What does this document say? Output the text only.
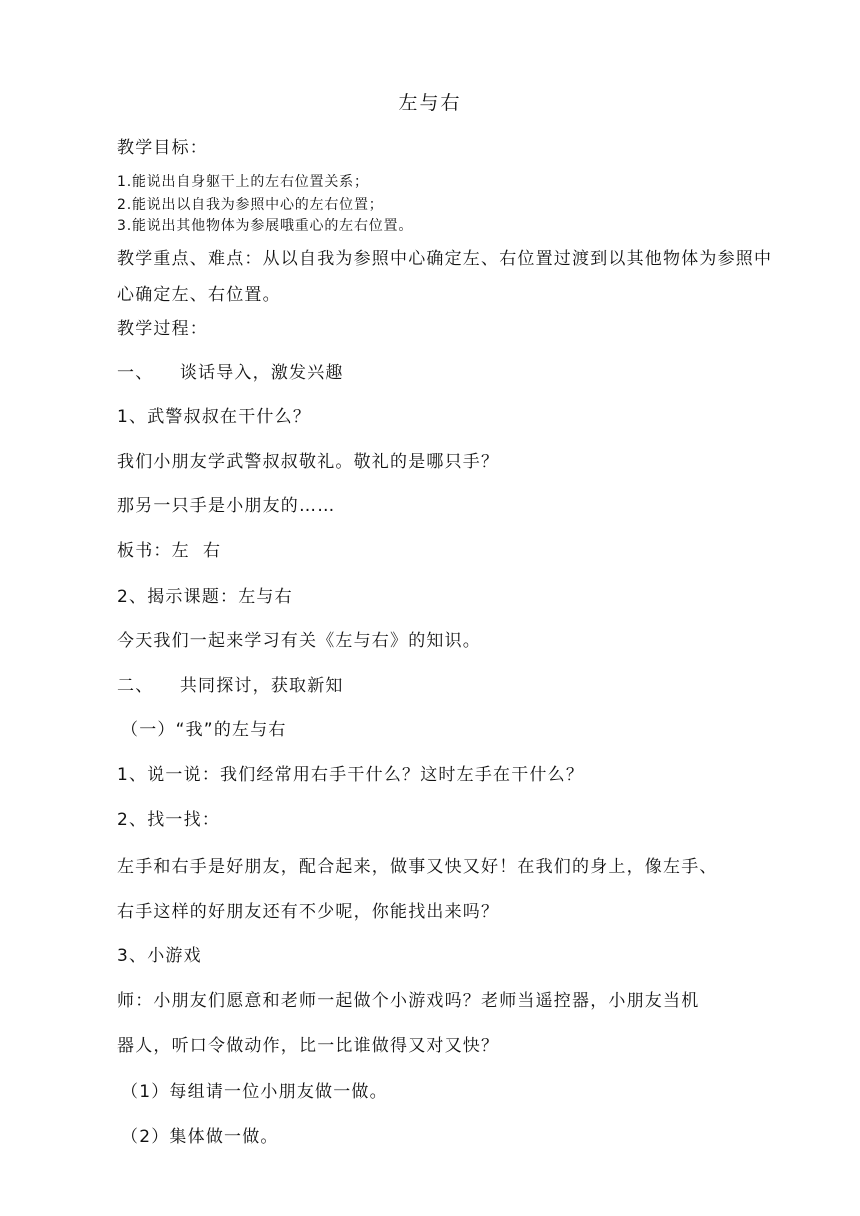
左与右
教学目标：
1.能说出自身躯干上的左右位置关系；
2.能说出以自我为参照中心的左右位置；
3.能说出其他物体为参展哦重心的左右位置。
教学重点、难点：从以自我为参照中心确定左、右位置过渡到以其他物体为参照中
心确定左、右位置。
教学过程：
一、    谈话导入，激发兴趣
1、武警叔叔在干什么？
我们小朋友学武警叔叔敬礼。敬礼的是哪只手？
那另一只手是小朋友的……
板书：左  右
2、揭示课题：左与右
今天我们一起来学习有关《左与右》的知识。
二、    共同探讨，获取新知
（一）“我”的左与右
1、说一说：我们经常用右手干什么？这时左手在干什么？
2、找一找：
左手和右手是好朋友，配合起来，做事又快又好！在我们的身上，像左手、
右手这样的好朋友还有不少呢，你能找出来吗？
3、小游戏
师：小朋友们愿意和老师一起做个小游戏吗？老师当遥控器，小朋友当机
器人，听口令做动作，比一比谁做得又对又快？
（1）每组请一位小朋友做一做。
（2）集体做一做。
